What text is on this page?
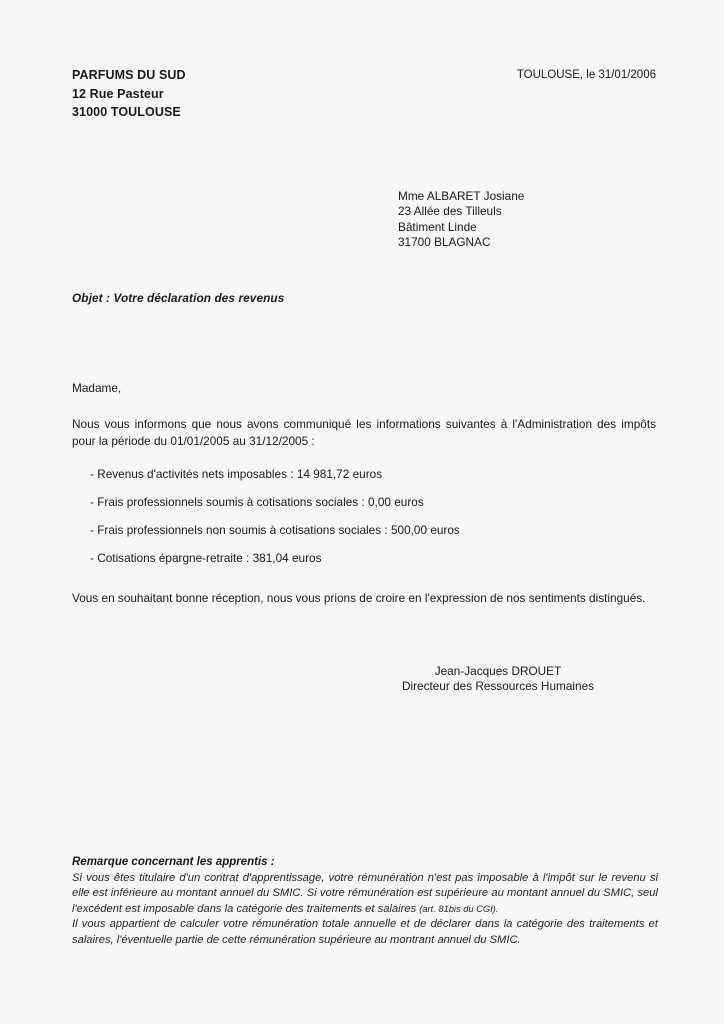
PARFUMS DU SUD
12 Rue Pasteur
31000 TOULOUSE
TOULOUSE, le 31/01/2006
Mme ALBARET Josiane
23 Allée des Tilleuls
Bâtiment Linde
31700 BLAGNAC
Objet : Votre déclaration des revenus
Madame,
Nous vous informons que nous avons communiqué les informations suivantes à l'Administration des impôts pour la période du 01/01/2005 au 31/12/2005 :
- Revenus d'activités nets imposables : 14 981,72 euros
- Frais professionnels soumis à cotisations sociales : 0,00 euros
- Frais professionnels non soumis à cotisations sociales : 500,00 euros
- Cotisations épargne-retraite : 381,04 euros
Vous en souhaitant bonne réception, nous vous prions de croire en l'expression de nos sentiments distingués.
Jean-Jacques DROUET
Directeur des Ressources Humaines
Remarque concernant les apprentis :

Si vous êtes titulaire d'un contrat d'apprentissage, votre rémunération n'est pas imposable à l'impôt sur le revenu si elle est inférieure au montant annuel du SMIC. Si votre rémunération est supérieure au montant annuel du SMIC, seul l'excédent est imposable dans la catégorie des traitements et salaires (art. 81bis du CGI).

Il vous appartient de calculer votre rémunération totale annuelle et de déclarer dans la catégorie des traitements et salaires, l'éventuelle partie de cette rémunération supérieure au montrant annuel du SMIC.
